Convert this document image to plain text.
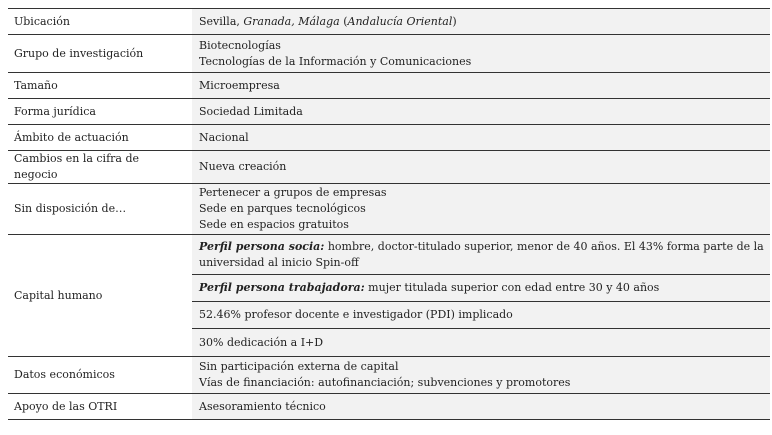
Ubicación	Sevilla, Granada, Málaga (Andalucía Oriental)
Grupo de investigación	Biotecnologías
Tecnologías de la Información y Comunicaciones

Tamaño	Microempresa
Forma jurídica	Sociedad Limitada
Ámbito de actuación	Nacional
Cambios en la cifra de negocio	Nueva creación
Sin disposición de…	Pertenecer a grupos de empresas
Sede en parques tecnológicos
Sede en espacios gratuitos

Capital humano	Perfil persona socia: hombre, doctor-titulado superior, menor de 40 años. El 43% forma parte de la universidad al inicio Spin-off
	Perfil persona trabajadora: mujer titulada superior con edad entre 30 y 40 años
	52.46% profesor docente e investigador (PDI) implicado
	30% dedicación a I+D
Datos económicos	Sin participación externa de capital
Vías de financiación: autofinanciación; subvenciones y promotores

Apoyo de las OTRI	Asesoramiento técnico
